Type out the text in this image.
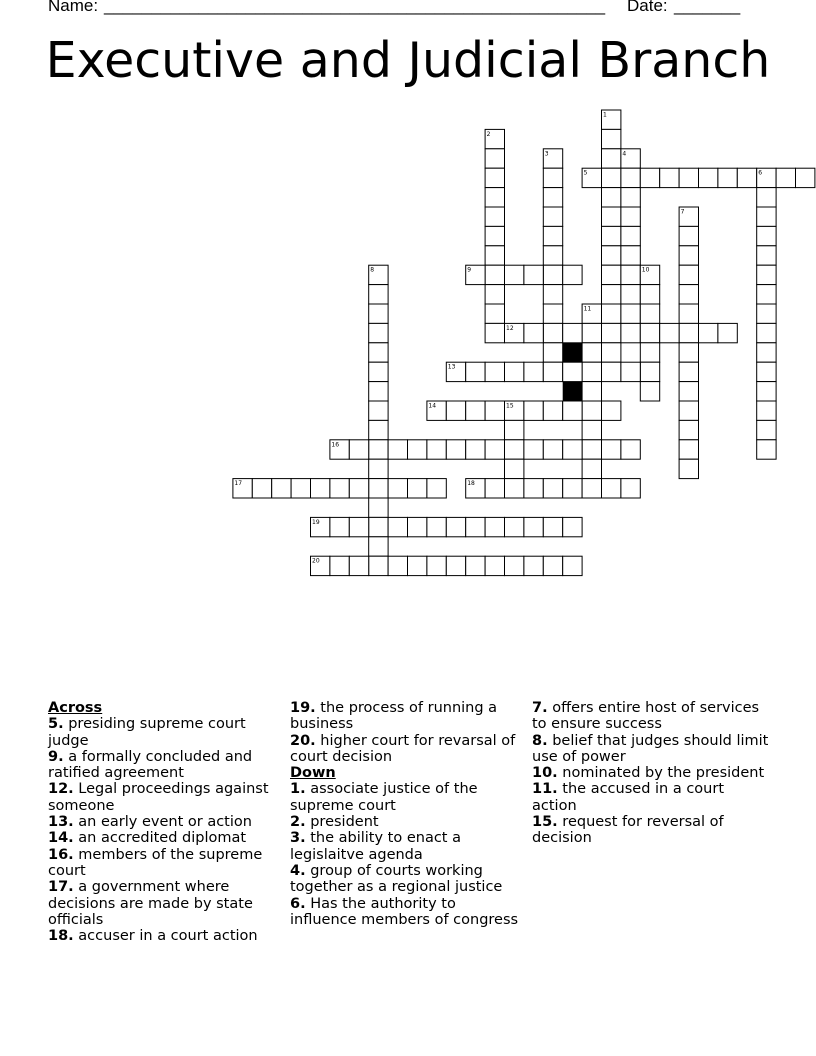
Name: _____________________________________________________ Date: _______
Executive and Judicial Branch
1
2
3	4
5	6
7
8	9	10
11
12
13
14	15
16
17	18
19
20
Across
5. presiding supreme court judge
9. a formally concluded and ratified agreement
12. Legal proceedings against someone
13. an early event or action
14. an accredited diplomat
16. members of the supreme court
17. a government where decisions are made by state officials
18. accuser in a court action
19. the process of running a business
20. higher court for revarsal of court decision
Down
1. associate justice of the supreme court
2. president
3. the ability to enact a legislaitve agenda
4. group of courts working together as a regional justice
6. Has the authority to influence members of congress
7. offers entire host of services to ensure success
8. belief that judges should limit use of power
10. nominated by the president
11. the accused in a court action
15. request for reversal of decision
